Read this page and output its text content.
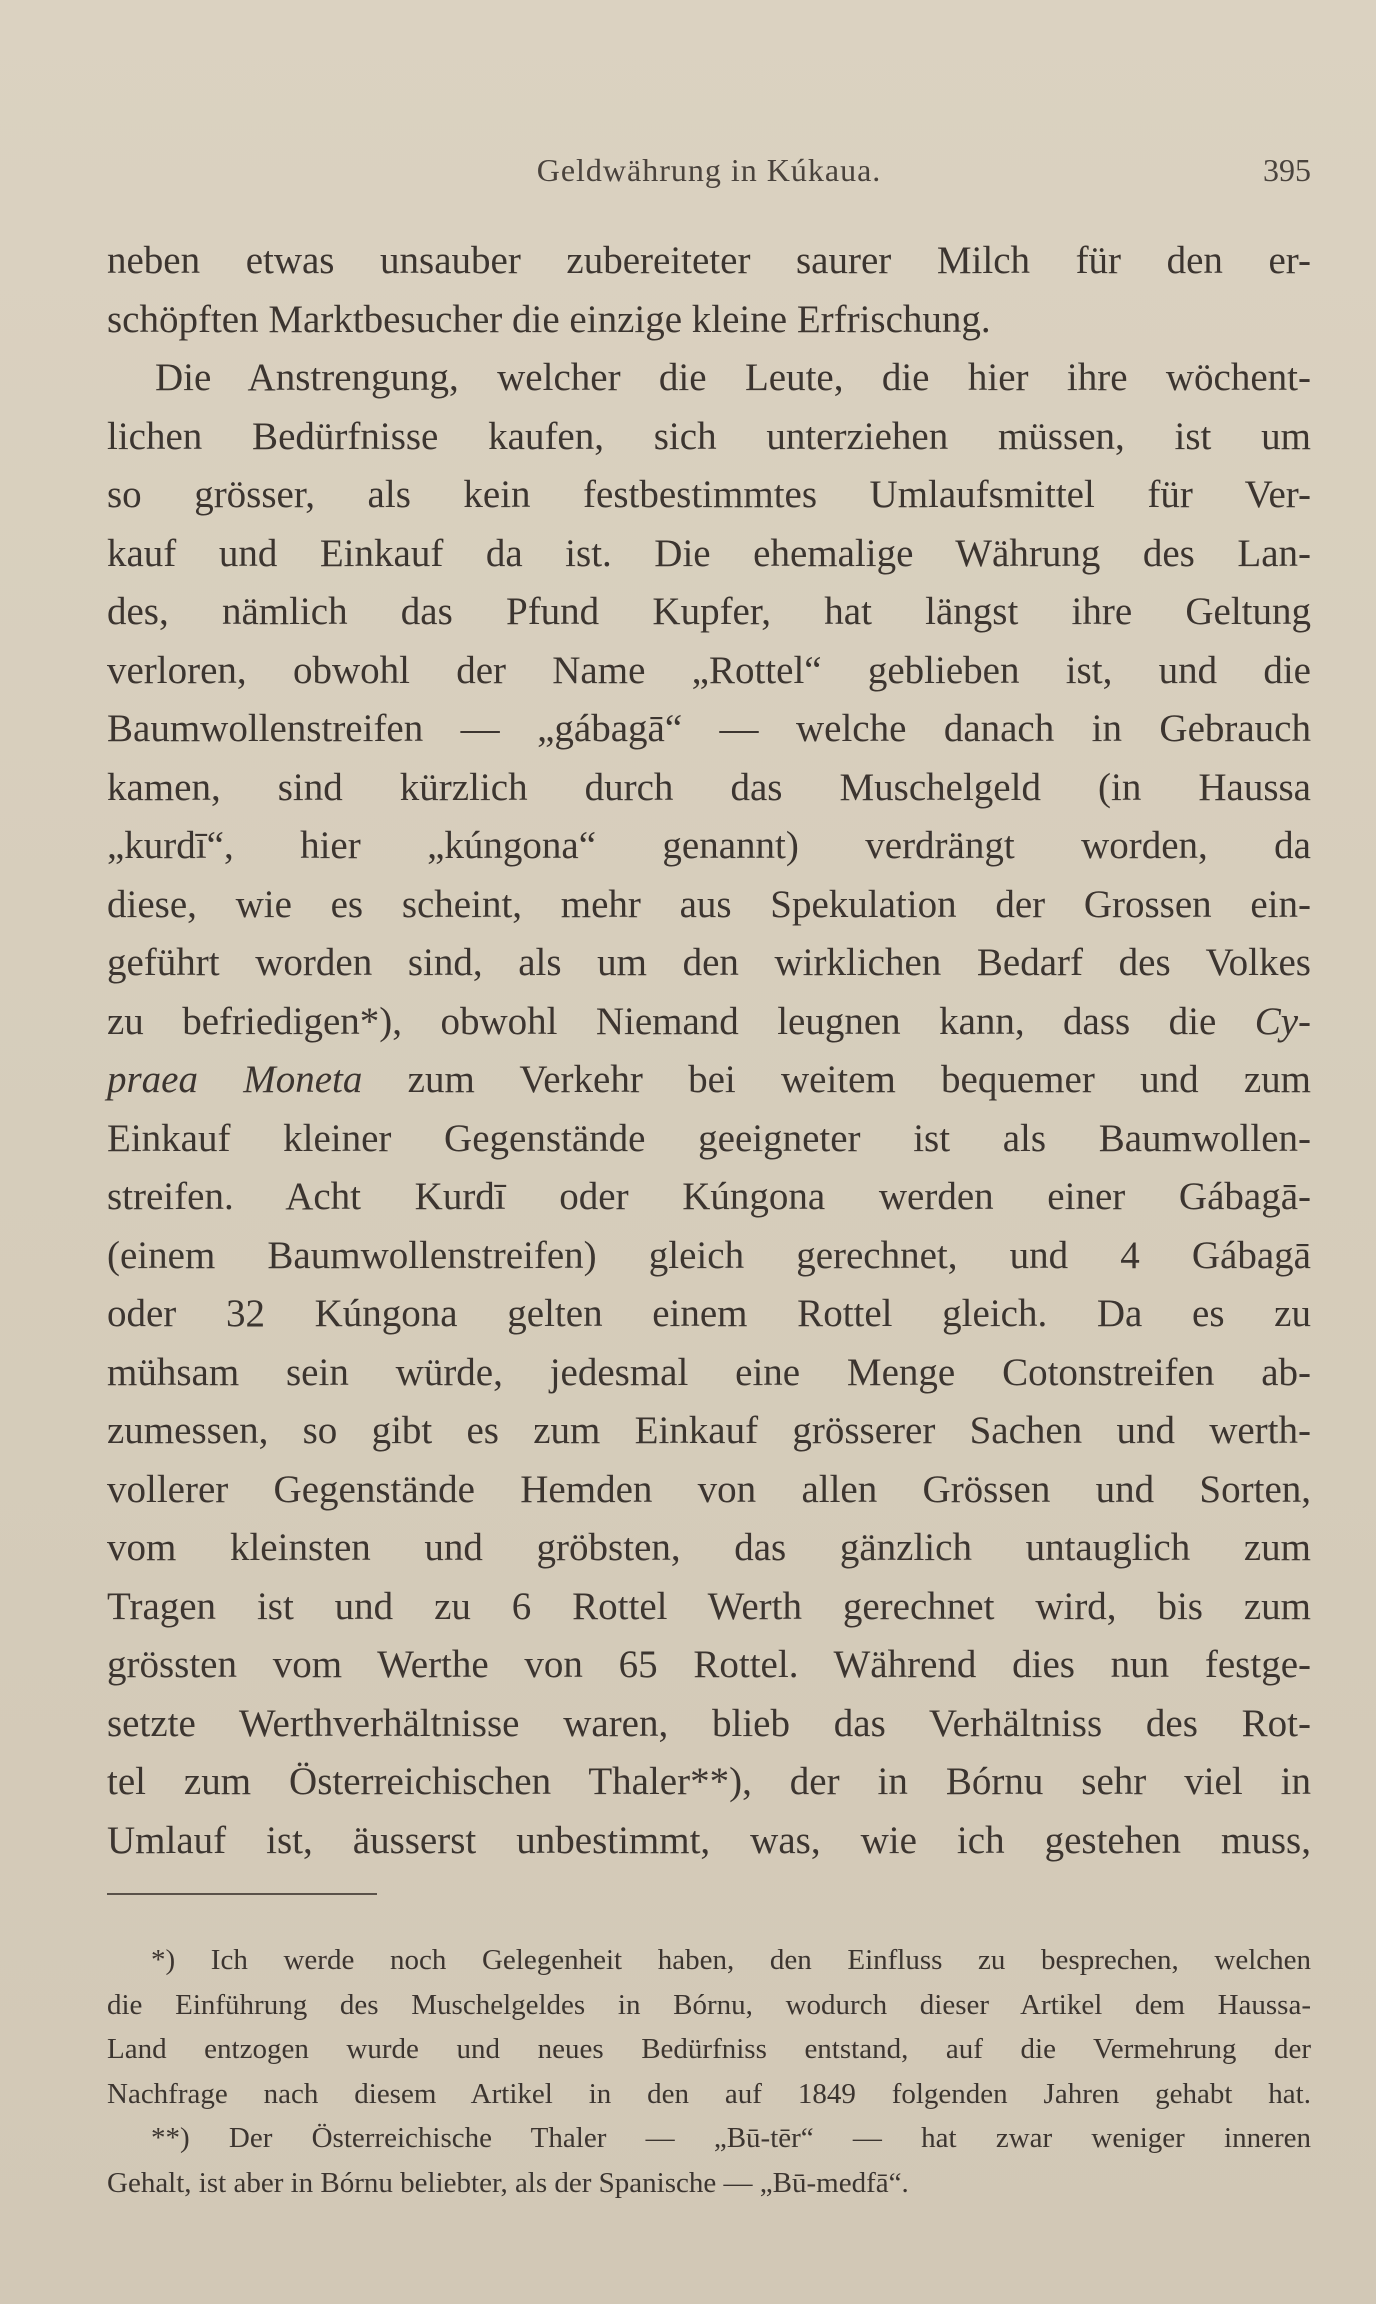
Geldwährung in Kúkaua.	395
neben etwas unsauber zubereiteter saurer Milch für den er-
schöpften Marktbesucher die einzige kleine Erfrischung.
Die Anstrengung, welcher die Leute, die hier ihre wöchent-
lichen Bedürfnisse kaufen, sich unterziehen müssen, ist um
so grösser, als kein festbestimmtes Umlaufsmittel für Ver-
kauf und Einkauf da ist. Die ehemalige Währung des Lan-
des, nämlich das Pfund Kupfer, hat längst ihre Geltung
verloren, obwohl der Name „Rottel“ geblieben ist, und die
Baumwollenstreifen — „gábagā“ — welche danach in Gebrauch
kamen, sind kürzlich durch das Muschelgeld (in Haussa
„kurdī“, hier „kúngona“ genannt) verdrängt worden, da
diese, wie es scheint, mehr aus Spekulation der Grossen ein-
geführt worden sind, als um den wirklichen Bedarf des Volkes
zu befriedigen*), obwohl Niemand leugnen kann, dass die Cy-
praea Moneta zum Verkehr bei weitem bequemer und zum
Einkauf kleiner Gegenstände geeigneter ist als Baumwollen-
streifen. Acht Kurdī oder Kúngona werden einer Gábagā-
(einem Baumwollenstreifen) gleich gerechnet, und 4 Gábagā
oder 32 Kúngona gelten einem Rottel gleich. Da es zu
mühsam sein würde, jedesmal eine Menge Cotonstreifen ab-
zumessen, so gibt es zum Einkauf grösserer Sachen und werth-
vollerer Gegenstände Hemden von allen Grössen und Sorten,
vom kleinsten und gröbsten, das gänzlich untauglich zum
Tragen ist und zu 6 Rottel Werth gerechnet wird, bis zum
grössten vom Werthe von 65 Rottel. Während dies nun festge-
setzte Werthverhältnisse waren, blieb das Verhältniss des Rot-
tel zum Österreichischen Thaler**), der in Bórnu sehr viel in
Umlauf ist, äusserst unbestimmt, was, wie ich gestehen muss,
*) Ich werde noch Gelegenheit haben, den Einfluss zu besprechen, welchen
die Einführung des Muschelgeldes in Bórnu, wodurch dieser Artikel dem Haussa-
Land entzogen wurde und neues Bedürfniss entstand, auf die Vermehrung der
Nachfrage nach diesem Artikel in den auf 1849 folgenden Jahren gehabt hat.
**) Der Österreichische Thaler — „Bū-tēr“ — hat zwar weniger inneren
Gehalt, ist aber in Bórnu beliebter, als der Spanische — „Bū-medfā“.
